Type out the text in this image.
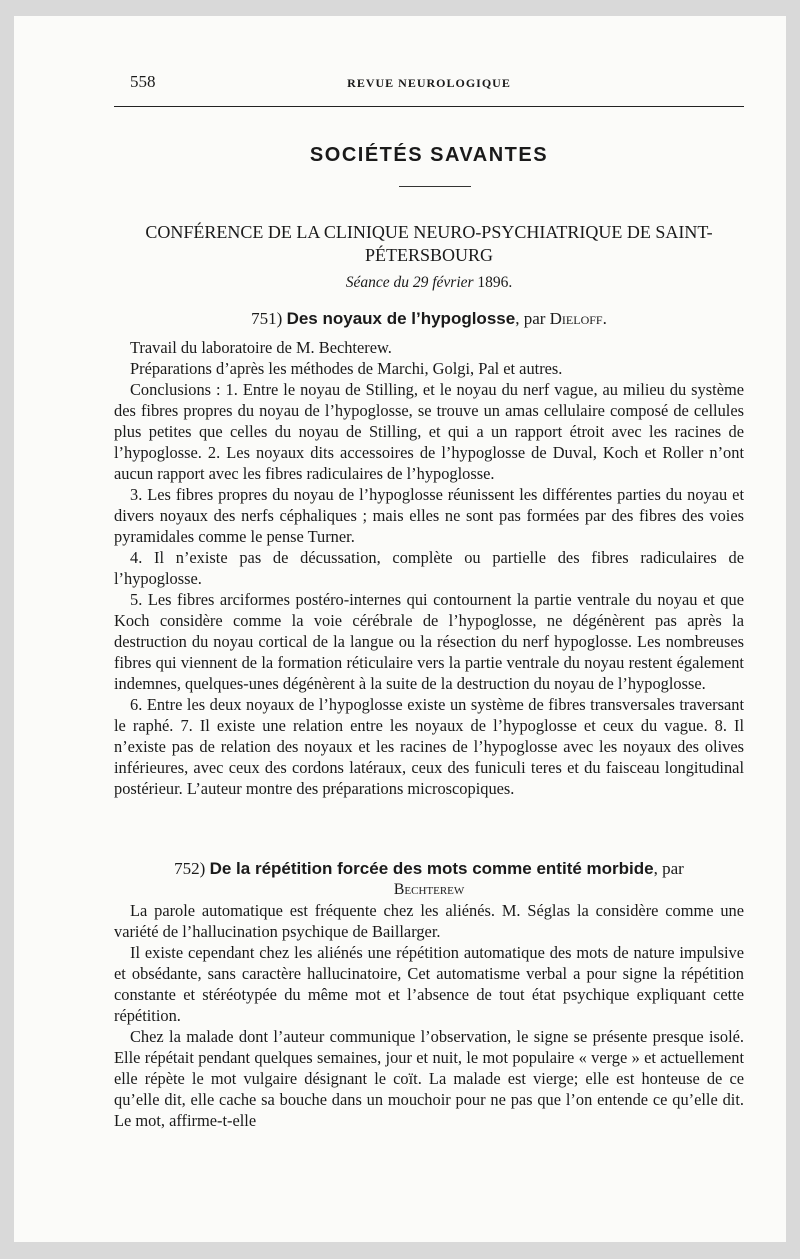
558	REVUE NEUROLOGIQUE
SOCIÉTÉS SAVANTES
CONFÉRENCE DE LA CLINIQUE NEURO-PSYCHIATRIQUE DE SAINT-PÉTERSBOURG
Séance du 29 février 1896.

751) Des noyaux de l’hypoglosse, par Dieloff.

Travail du laboratoire de M. Bechterew.

Préparations d’après les méthodes de Marchi, Golgi, Pal et autres.

Conclusions : 1. Entre le noyau de Stilling, et le noyau du nerf vague, au milieu du système des fibres propres du noyau de l’hypoglosse, se trouve un amas cellulaire composé de cellules plus petites que celles du noyau de Stilling, et qui a un rapport étroit avec les racines de l’hypoglosse. 2. Les noyaux dits accessoires de l’hypoglosse de Duval, Koch et Roller n’ont aucun rapport avec les fibres radiculaires de l’hypoglosse.

3. Les fibres propres du noyau de l’hypoglosse réunissent les différentes parties du noyau et divers noyaux des nerfs céphaliques ; mais elles ne sont pas formées par des fibres des voies pyramidales comme le pense Turner.

4. Il n’existe pas de décussation, complète ou partielle des fibres radiculaires de l’hypoglosse.

5. Les fibres arciformes postéro-internes qui contournent la partie ventrale du noyau et que Koch considère comme la voie cérébrale de l’hypoglosse, ne dégénèrent pas après la destruction du noyau cortical de la langue ou la résection du nerf hypoglosse. Les nombreuses fibres qui viennent de la formation réticulaire vers la partie ventrale du noyau restent également indemnes, quelques-unes dégénèrent à la suite de la destruction du noyau de l’hypoglosse.

6. Entre les deux noyaux de l’hypoglosse existe un système de fibres transversales traversant le raphé. 7. Il existe une relation entre les noyaux de l’hypoglosse et ceux du vague. 8. Il n’existe pas de relation des noyaux et les racines de l’hypoglosse avec les noyaux des olives inférieures, avec ceux des cordons latéraux, ceux des funiculi teres et du faisceau longitudinal postérieur. L’auteur montre des préparations microscopiques.

752) De la répétition forcée des mots comme entité morbide, par

Bechterew

La parole automatique est fréquente chez les aliénés. M. Séglas la considère comme une variété de l’hallucination psychique de Baillarger.

Il existe cependant chez les aliénés une répétition automatique des mots de nature impulsive et obsédante, sans caractère hallucinatoire, Cet automatisme verbal a pour signe la répétition constante et stéréotypée du même mot et l’absence de tout état psychique expliquant cette répétition.

Chez la malade dont l’auteur communique l’observation, le signe se présente presque isolé. Elle répétait pendant quelques semaines, jour et nuit, le mot populaire « verge » et actuellement elle répète le mot vulgaire désignant le coït. La malade est vierge; elle est honteuse de ce qu’elle dit, elle cache sa bouche dans un mouchoir pour ne pas que l’on entende ce qu’elle dit. Le mot, affirme-t-elle
